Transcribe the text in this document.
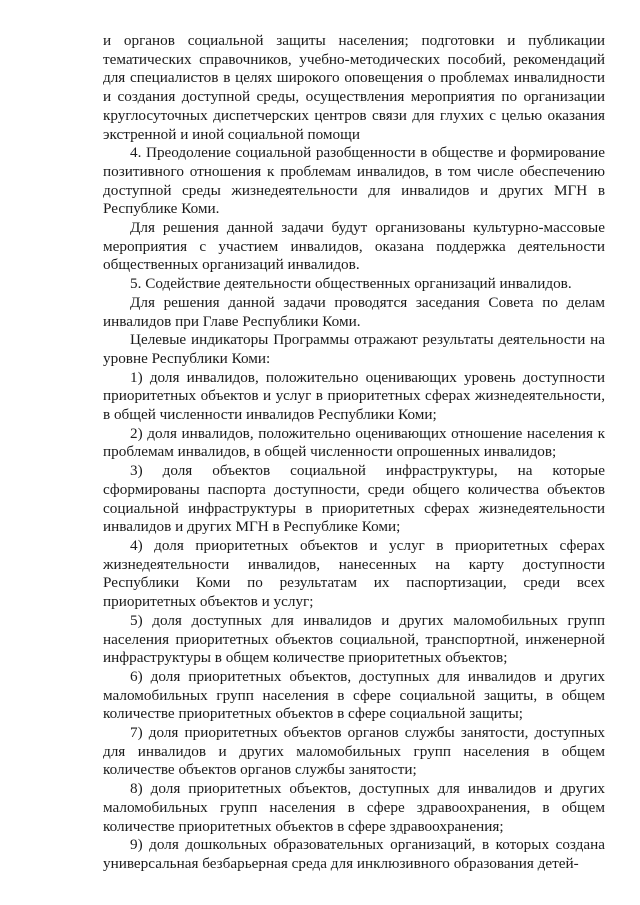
и органов социальной защиты населения; подготовки и публикации тематических справочников, учебно-методических пособий, рекомендаций для специалистов в целях широкого оповещения о проблемах инвалидности и создания доступной среды, осуществления мероприятия по организации круглосуточных диспетчерских центров связи для глухих с целью оказания экстренной и иной социальной помощи

4. Преодоление социальной разобщенности в обществе и формирование позитивного отношения к проблемам инвалидов, в том числе обеспечению доступной среды жизнедеятельности для инвалидов и других МГН в Республике Коми.

Для решения данной задачи будут организованы культурно-массовые мероприятия с участием инвалидов, оказана поддержка деятельности общественных организаций инвалидов.

5. Содействие деятельности общественных организаций инвалидов.

Для решения данной задачи проводятся заседания Совета по делам инвалидов при Главе Республики Коми.

Целевые индикаторы Программы отражают результаты деятельности на уровне Республики Коми:

1) доля инвалидов, положительно оценивающих уровень доступности приоритетных объектов и услуг в приоритетных сферах жизнедеятельности, в общей численности инвалидов Республики Коми;

2) доля инвалидов, положительно оценивающих отношение населения к проблемам инвалидов, в общей численности опрошенных инвалидов;

3) доля объектов социальной инфраструктуры, на которые сформированы паспорта доступности, среди общего количества объектов социальной инфраструктуры в приоритетных сферах жизнедеятельности инвалидов и других МГН в Республике Коми;

4) доля приоритетных объектов и услуг в приоритетных сферах жизнедеятельности инвалидов, нанесенных на карту доступности Республики Коми по результатам их паспортизации, среди всех приоритетных объектов и услуг;

5) доля доступных для инвалидов и других маломобильных групп населения приоритетных объектов социальной, транспортной, инженерной инфраструктуры в общем количестве приоритетных объектов;

6) доля приоритетных объектов, доступных для инвалидов и других маломобильных групп населения в сфере социальной защиты, в общем количестве приоритетных объектов в сфере социальной защиты;

7) доля приоритетных объектов органов службы занятости, доступных для инвалидов и других маломобильных групп населения в общем количестве объектов органов службы занятости;

8) доля приоритетных объектов, доступных для инвалидов и других маломобильных групп населения в сфере здравоохранения, в общем количестве приоритетных объектов в сфере здравоохранения;

9) доля дошкольных образовательных организаций, в которых создана универсальная безбарьерная среда для инклюзивного образования детей-
